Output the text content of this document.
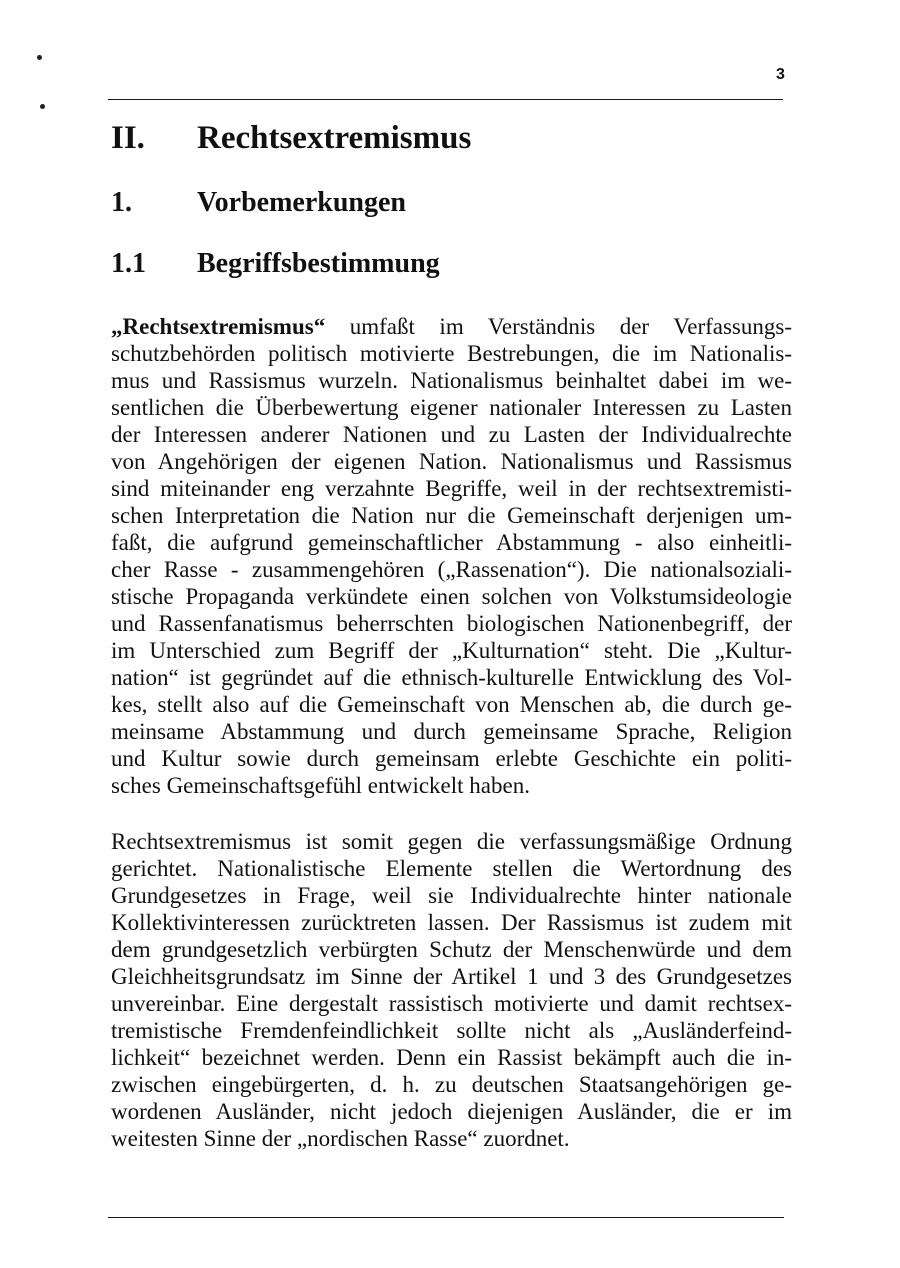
3
II. Rechtsextremismus
1. Vorbemerkungen
1.1 Begriffsbestimmung
„Rechtsextremismus“ umfaßt im Verständnis der Verfassungs-
schutzbehörden politisch motivierte Bestrebungen, die im Nationalis-
mus und Rassismus wurzeln. Nationalismus beinhaltet dabei im we-
sentlichen die Überbewertung eigener nationaler Interessen zu Lasten
der Interessen anderer Nationen und zu Lasten der Individualrechte
von Angehörigen der eigenen Nation. Nationalismus und Rassismus
sind miteinander eng verzahnte Begriffe, weil in der rechtsextremisti-
schen Interpretation die Nation nur die Gemeinschaft derjenigen um-
faßt, die aufgrund gemeinschaftlicher Abstammung - also einheitli-
cher Rasse - zusammengehören („Rassenation“). Die nationalsoziali-
stische Propaganda verkündete einen solchen von Volkstumsideologie
und Rassenfanatismus beherrschten biologischen Nationenbegriff, der
im Unterschied zum Begriff der „Kulturnation“ steht. Die „Kultur-
nation“ ist gegründet auf die ethnisch-kulturelle Entwicklung des Vol-
kes, stellt also auf die Gemeinschaft von Menschen ab, die durch ge-
meinsame Abstammung und durch gemeinsame Sprache, Religion
und Kultur sowie durch gemeinsam erlebte Geschichte ein politi-
sches Gemeinschaftsgefühl entwickelt haben.
Rechtsextremismus ist somit gegen die verfassungsmäßige Ordnung
gerichtet. Nationalistische Elemente stellen die Wertordnung des
Grundgesetzes in Frage, weil sie Individualrechte hinter nationale
Kollektivinteressen zurücktreten lassen. Der Rassismus ist zudem mit
dem grundgesetzlich verbürgten Schutz der Menschenwürde und dem
Gleichheitsgrundsatz im Sinne der Artikel 1 und 3 des Grundgesetzes
unvereinbar. Eine dergestalt rassistisch motivierte und damit rechtsex-
tremistische Fremdenfeindlichkeit sollte nicht als „Ausländerfeind-
lichkeit“ bezeichnet werden. Denn ein Rassist bekämpft auch die in-
zwischen eingebürgerten, d. h. zu deutschen Staatsangehörigen ge-
wordenen Ausländer, nicht jedoch diejenigen Ausländer, die er im
weitesten Sinne der „nordischen Rasse“ zuordnet.
